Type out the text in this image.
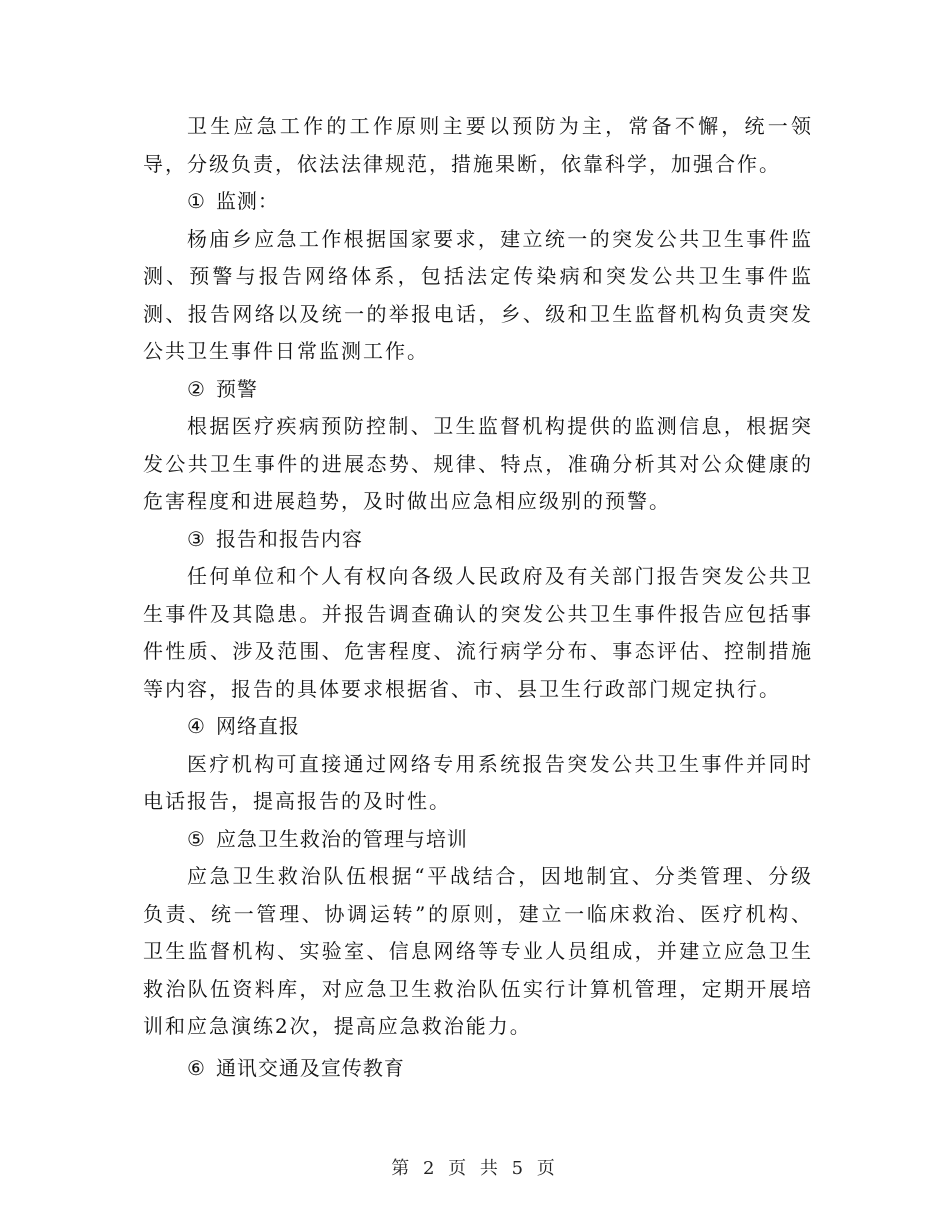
卫生应急工作的工作原则主要以预防为主，常备不懈，统一领导，分级负责，依法法律规范，措施果断，依靠科学，加强合作。

① 监测：

杨庙乡应急工作根据国家要求，建立统一的突发公共卫生事件监测、预警与报告网络体系，包括法定传染病和突发公共卫生事件监测、报告网络以及统一的举报电话，乡、级和卫生监督机构负责突发公共卫生事件日常监测工作。

② 预警

根据医疗疾病预防控制、卫生监督机构提供的监测信息，根据突发公共卫生事件的进展态势、规律、特点，准确分析其对公众健康的危害程度和进展趋势，及时做出应急相应级别的预警。

③ 报告和报告内容

任何单位和个人有权向各级人民政府及有关部门报告突发公共卫生事件及其隐患。并报告调查确认的突发公共卫生事件报告应包括事件性质、涉及范围、危害程度、流行病学分布、事态评估、控制措施等内容，报告的具体要求根据省、市、县卫生行政部门规定执行。

④ 网络直报

医疗机构可直接通过网络专用系统报告突发公共卫生事件并同时电话报告，提高报告的及时性。

⑤ 应急卫生救治的管理与培训

应急卫生救治队伍根据“平战结合，因地制宜、分类管理、分级负责、统一管理、协调运转”的原则，建立一临床救治、医疗机构、卫生监督机构、实验室、信息网络等专业人员组成，并建立应急卫生救治队伍资料库，对应急卫生救治队伍实行计算机管理，定期开展培训和应急演练2次，提高应急救治能力。

⑥ 通讯交通及宣传教育

第 2 页 共 5 页
